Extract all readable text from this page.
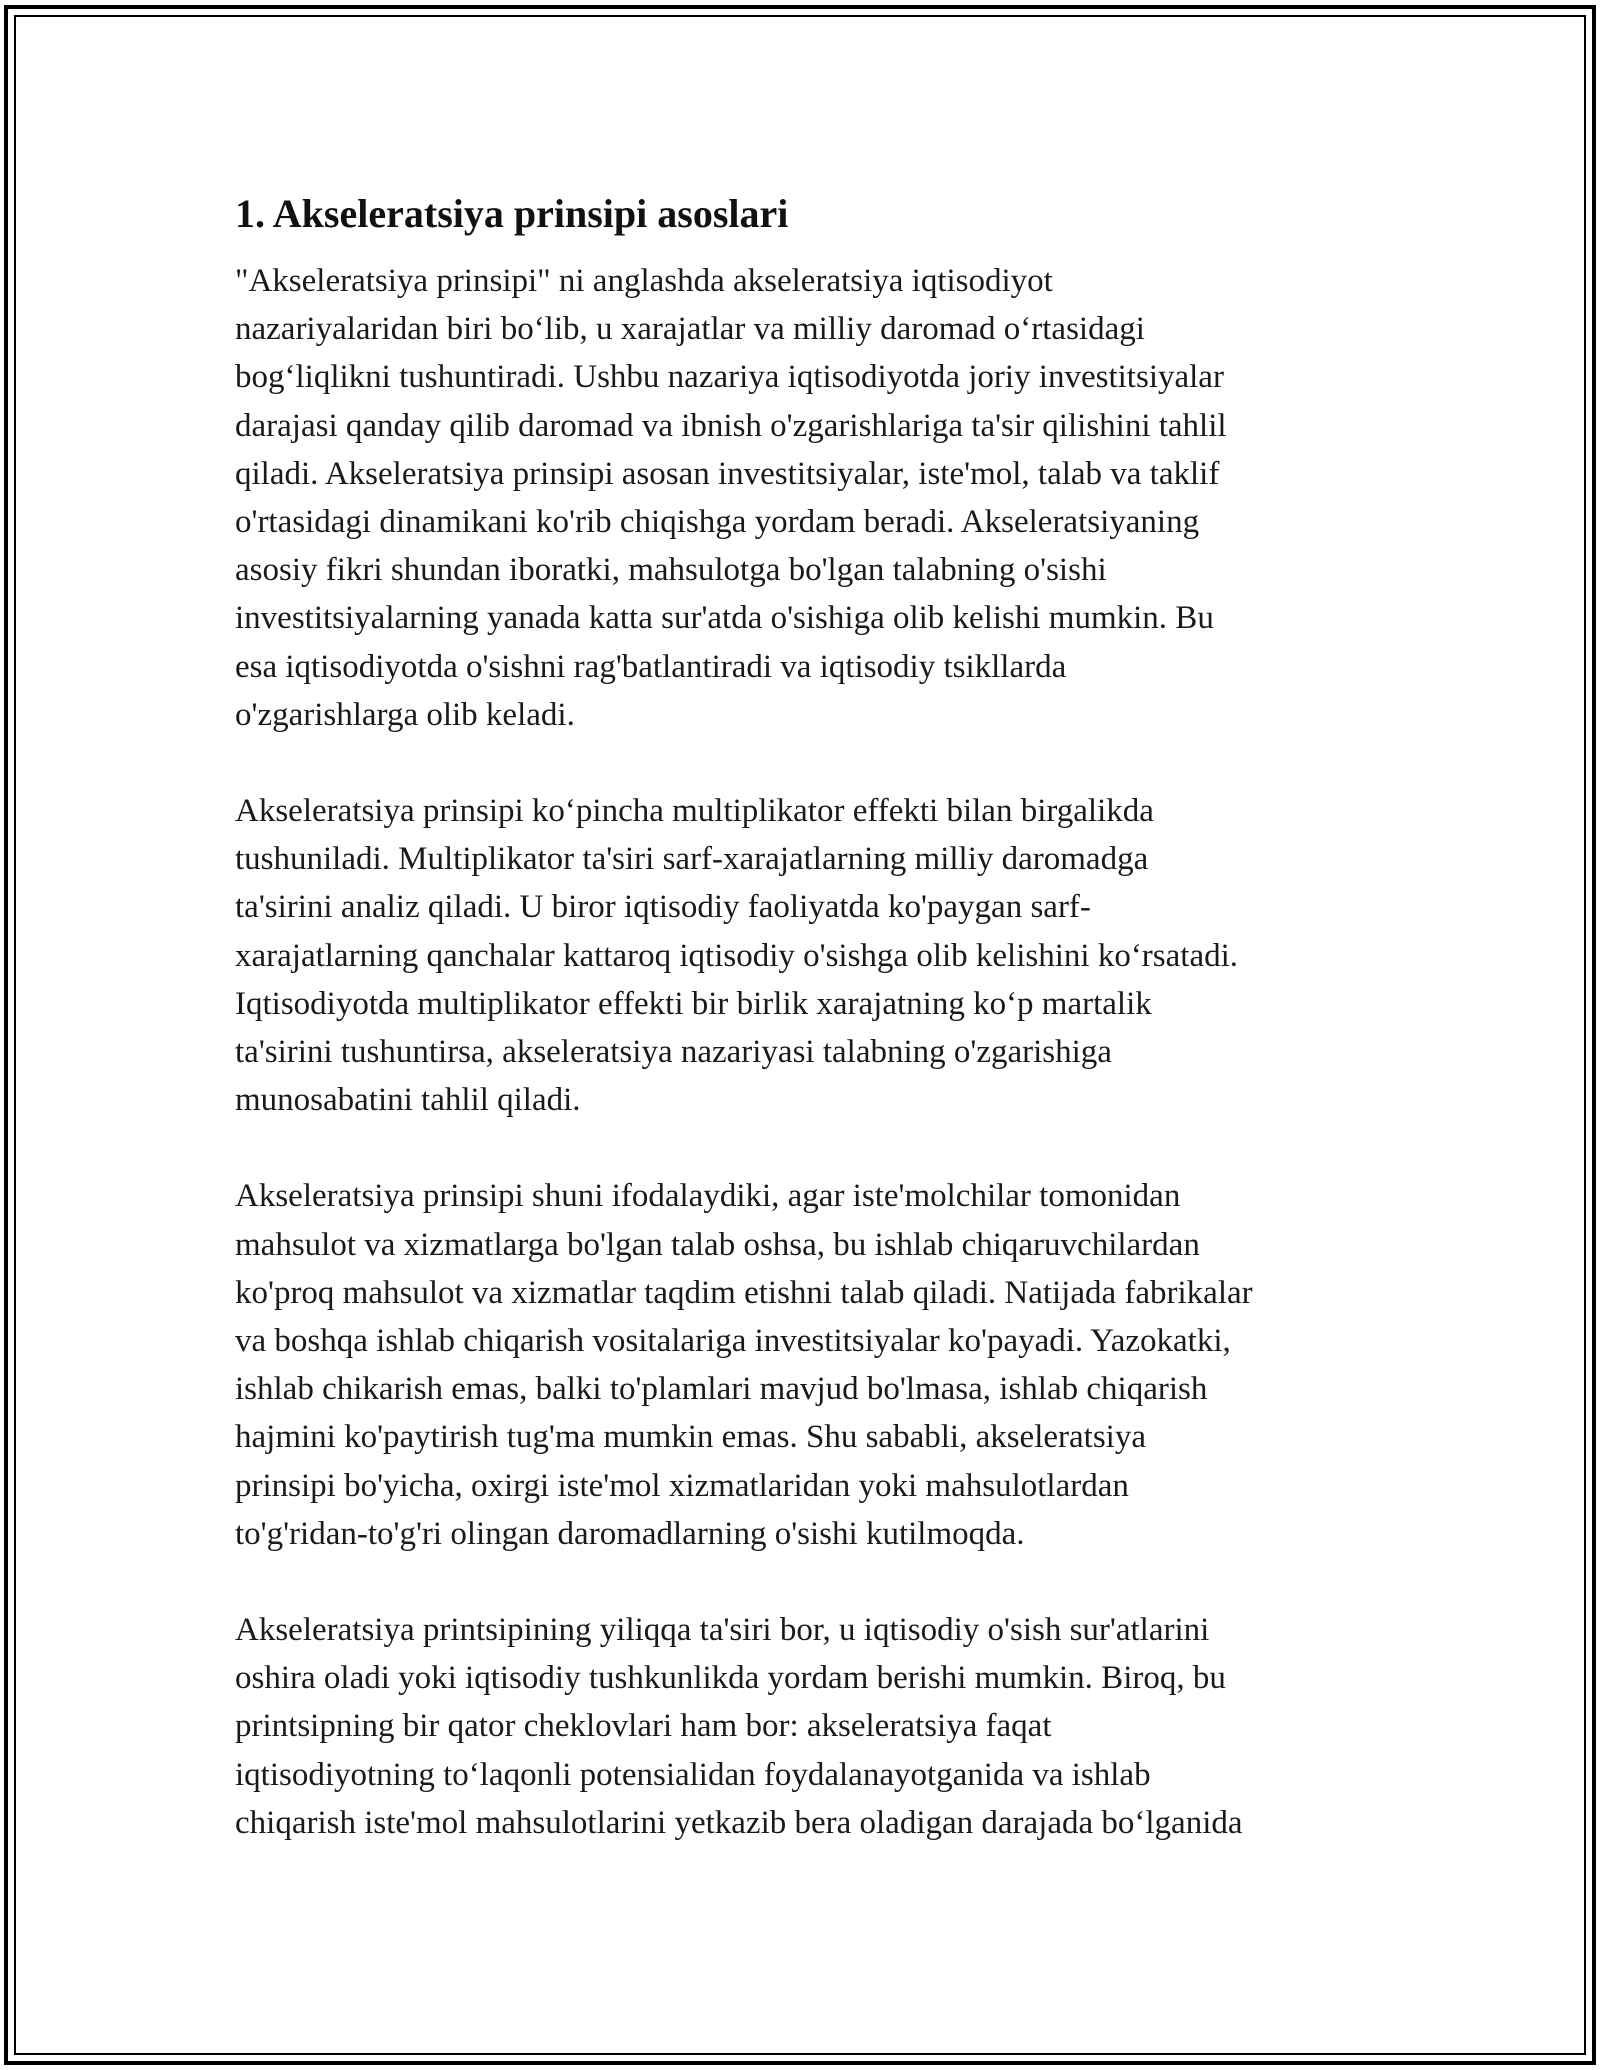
1. Akseleratsiya prinsipi asoslari

"Akseleratsiya prinsipi" ni anglashda akseleratsiya iqtisodiyot
nazariyalaridan biri bo‘lib, u xarajatlar va milliy daromad o‘rtasidagi
bog‘liqlikni tushuntiradi. Ushbu nazariya iqtisodiyotda joriy investitsiyalar
darajasi qanday qilib daromad va ibnish o'zgarishlariga ta'sir qilishini tahlil
qiladi. Akseleratsiya prinsipi asosan investitsiyalar, iste'mol, talab va taklif
o'rtasidagi dinamikani ko'rib chiqishga yordam beradi. Akseleratsiyaning
asosiy fikri shundan iboratki, mahsulotga bo'lgan talabning o'sishi
investitsiyalarning yanada katta sur'atda o'sishiga olib kelishi mumkin. Bu
esa iqtisodiyotda o'sishni rag'batlantiradi va iqtisodiy tsikllarda
o'zgarishlarga olib keladi.

Akseleratsiya prinsipi ko‘pincha multiplikator effekti bilan birgalikda
tushuniladi. Multiplikator ta'siri sarf-xarajatlarning milliy daromadga
ta'sirini analiz qiladi. U biror iqtisodiy faoliyatda ko'paygan sarf-
xarajatlarning qanchalar kattaroq iqtisodiy o'sishga olib kelishini ko‘rsatadi.
Iqtisodiyotda multiplikator effekti bir birlik xarajatning ko‘p martalik
ta'sirini tushuntirsa, akseleratsiya nazariyasi talabning o'zgarishiga
munosabatini tahlil qiladi.

Akseleratsiya prinsipi shuni ifodalaydiki, agar iste'molchilar tomonidan
mahsulot va xizmatlarga bo'lgan talab oshsa, bu ishlab chiqaruvchilardan
ko'proq mahsulot va xizmatlar taqdim etishni talab qiladi. Natijada fabrikalar
va boshqa ishlab chiqarish vositalariga investitsiyalar ko'payadi. Yazokatki,
ishlab chikarish emas, balki to'plamlari mavjud bo'lmasa, ishlab chiqarish
hajmini ko'paytirish tug'ma mumkin emas. Shu sababli, akseleratsiya
prinsipi bo'yicha, oxirgi iste'mol xizmatlaridan yoki mahsulotlardan
to'g'ridan-to'g'ri olingan daromadlarning o'sishi kutilmoqda.

Akseleratsiya printsipining yiliqqa ta'siri bor, u iqtisodiy o'sish sur'atlarini
oshira oladi yoki iqtisodiy tushkunlikda yordam berishi mumkin. Biroq, bu
printsipning bir qator cheklovlari ham bor: akseleratsiya faqat
iqtisodiyotning to‘laqonli potensialidan foydalanayotganida va ishlab
chiqarish iste'mol mahsulotlarini yetkazib bera oladigan darajada bo‘lganida
